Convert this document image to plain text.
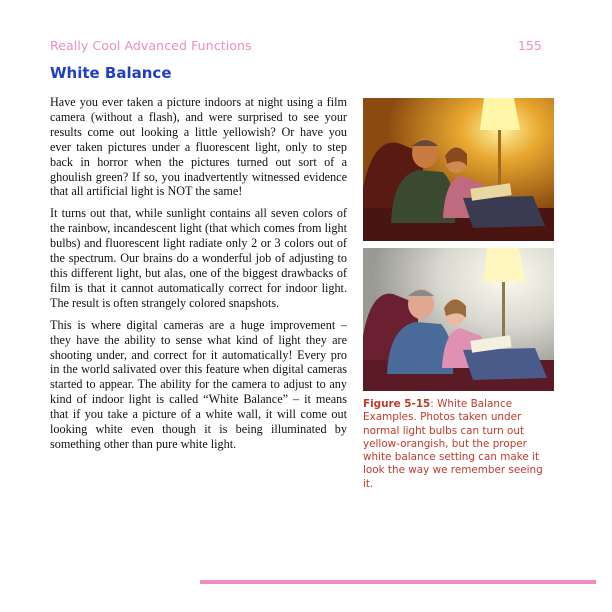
Really Cool Advanced Functions	155
White Balance

Have you ever taken a picture indoors at night using a film camera (without a flash), and were surprised to see your results come out looking a little yellowish? Or have you ever taken pictures under a fluorescent light, only to step back in horror when the pictures turned out sort of a ghoulish green? If so, you inadvertently witnessed evidence that all artificial light is NOT the same!

It turns out that, while sunlight contains all seven colors of the rainbow, incandescent light (that which comes from light bulbs) and fluorescent light radiate only 2 or 3 colors out of the spectrum. Our brains do a wonderful job of adjusting to this different light, but alas, one of the biggest drawbacks of film is that it cannot automatically correct for indoor light. The result is often strangely colored snapshots.

This is where digital cameras are a huge improvement – they have the ability to sense what kind of light they are shooting under, and correct for it automatically! Every pro in the world salivated over this feature when digital cameras started to appear. The ability for the camera to adjust to any kind of indoor light is called “White Balance” – it means that if you take a picture of a white wall, it will come out looking white even though it is being illuminated by something other than pure white light.

Figure 5-15: White Balance Examples. Photos taken under normal light bulbs can turn out yellow-orangish, but the proper white balance setting can make it look the way we remember seeing it.
